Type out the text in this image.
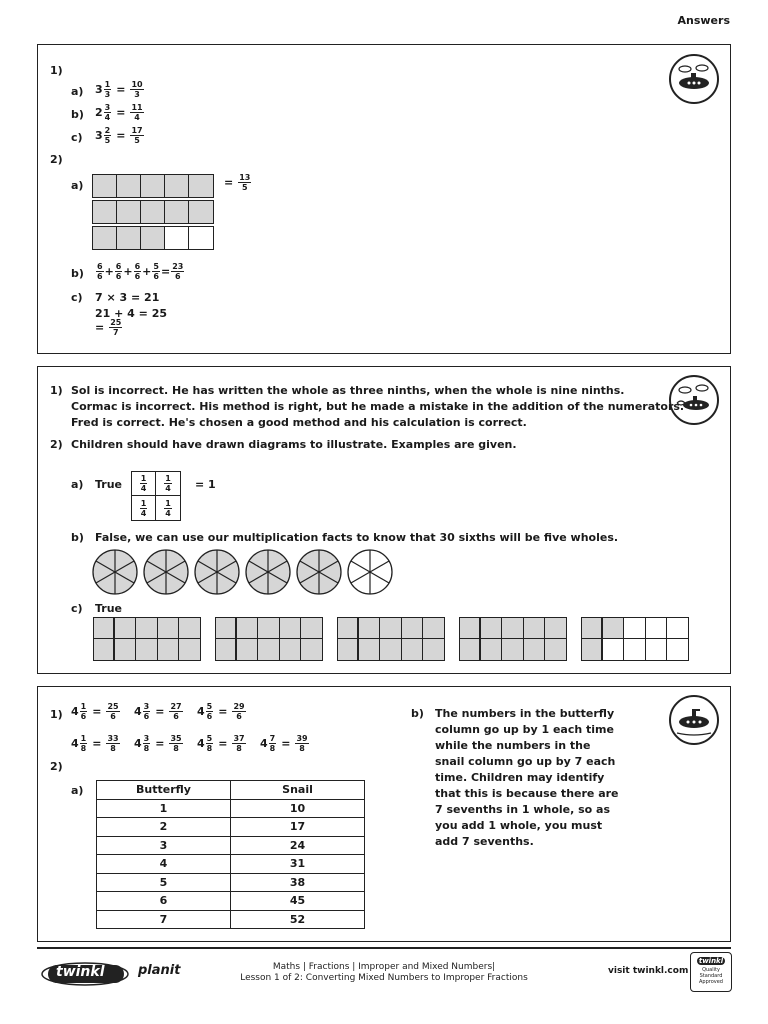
Answers
1)
a) $3 \frac{1}{3} = \frac{10}{3}$
b) $2 \frac{3}{4} = \frac{11}{4}$
c) $3 \frac{2}{5} = \frac{17}{5}$
2)
a)	= $\frac{13}{5}$
$b) \frac{6}{6} + \frac{6}{6} + \frac{6}{6} + \frac{5}{6} = \frac{23}{6}$
c) 7 × 3 = 21
21 + 4 = 25
= $\frac{25}{7}$
1) Sol is incorrect. He has written the whole as three ninths, when the whole is nine ninths.
Cormac is incorrect. His method is right, but he made a mistake in the addition of the numerators.
Fred is correct. He's chosen a good method and his calculation is correct.
2) Children should have drawn diagrams to illustrate. Examples are given.
a) True $\frac{1}{4} \frac{1}{4}$
$\frac{1}{4} \frac{1}{4}$
= 1
b) False, we can use our multiplication facts to know that 30 sixths will be five wholes.
c) True
1) $4 \frac{1}{6} = \frac{25}{6} 4 \frac{3}{6} = \frac{27}{6} 4 \frac{5}{6} = \frac{29}{6}$
$4 \frac{1}{8} = \frac{33}{8} 4 \frac{3}{8} = \frac{35}{8} 4 \frac{5}{8} = \frac{37}{8} 4 \frac{7}{8} = \frac{39}{8}$
2)
a)	Butterfly	Snail
1	10
2	17
3	24
4	31
5	38
6	45
7	52
b) The numbers in the butterfly
column go up by 1 each time
while the numbers in the
snail column go up by 7 each
time. Children may identify
that this is because there are
7 sevenths in 1 whole, so as
you add 1 whole, you must
add 7 sevenths.
twinkl	planit	Maths | Fractions | Improper and Mixed Numbers|
Lesson 1 of 2: Converting Mixed Numbers to Improper Fractions
visit twinkl.com
twinkl
Quality Standard
Approved
